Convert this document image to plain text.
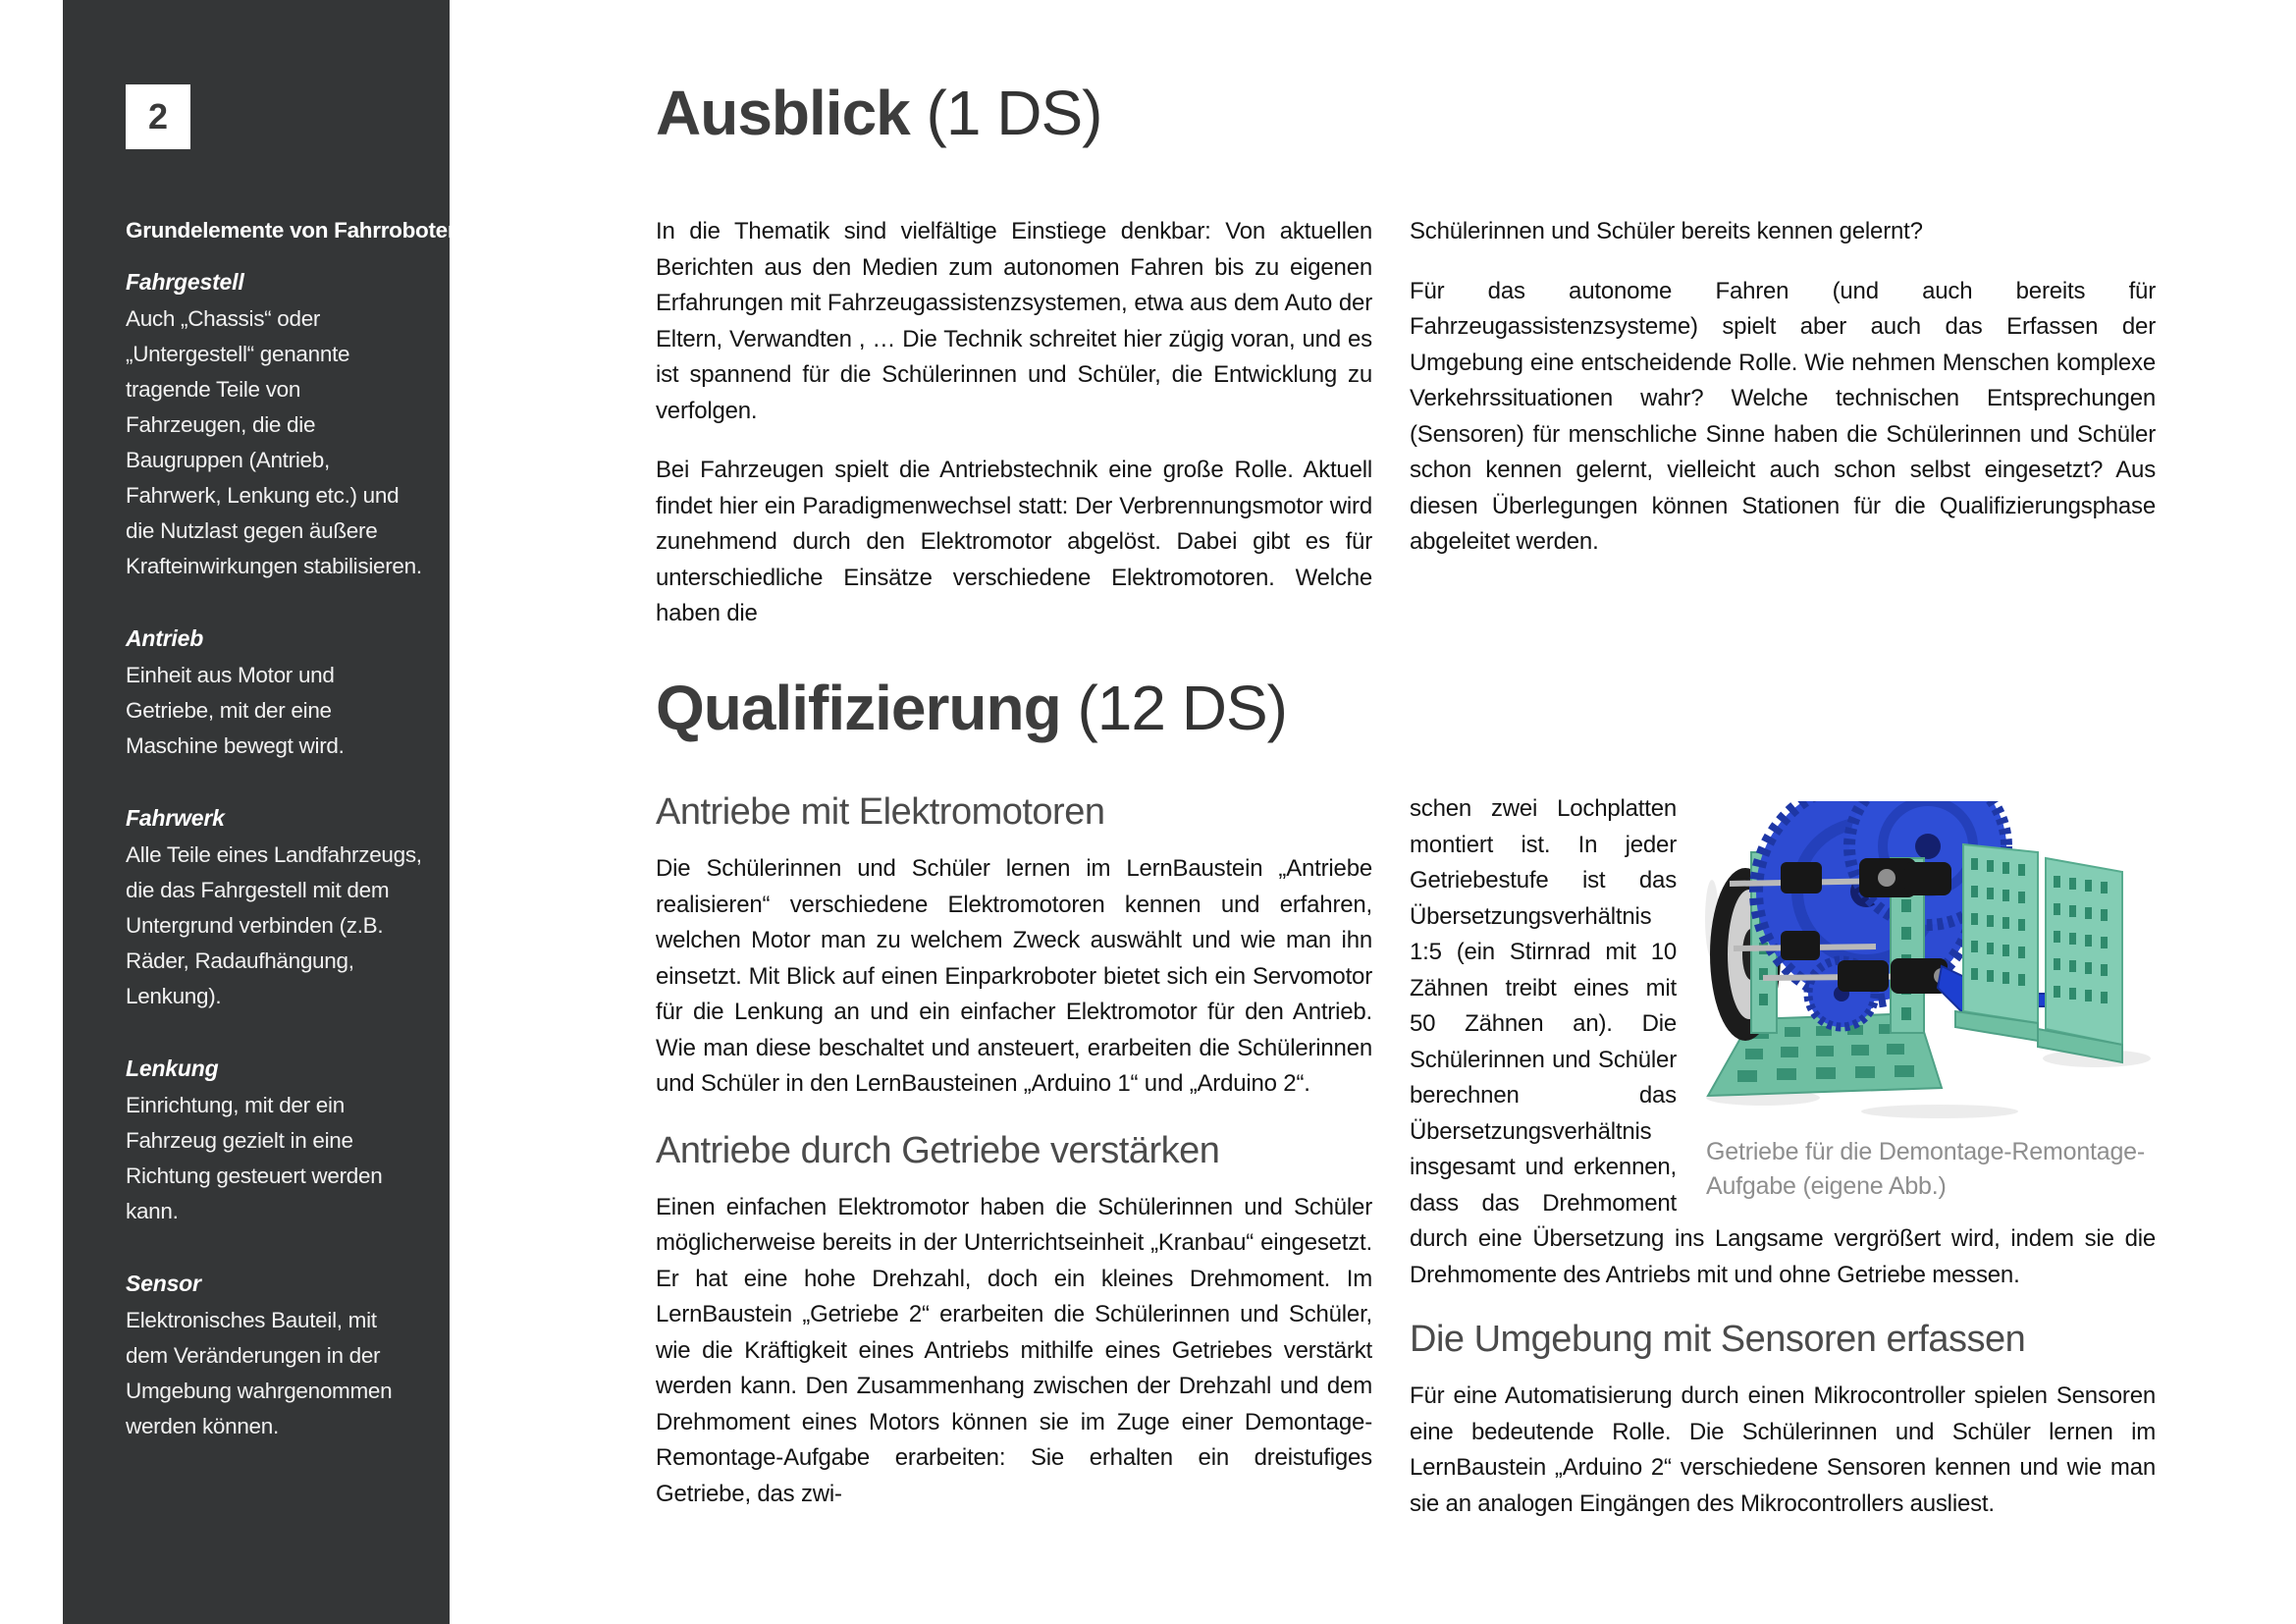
2
Grundelemente von Fahrrobotern

Fahrgestell

Auch „Chassis“ oder „Untergestell“ genannte tragende Teile von Fahrzeugen, die die Baugruppen (Antrieb, Fahrwerk, Lenkung etc.) und die Nutzlast gegen äußere Krafteinwirkungen stabilisieren.

Antrieb

Einheit aus Motor und Getriebe, mit der eine Maschine bewegt wird.

Fahrwerk

Alle Teile eines Landfahrzeugs, die das Fahrgestell mit dem Untergrund verbinden (z.B. Räder, Radaufhängung, Lenkung).

Lenkung

Einrichtung, mit der ein Fahrzeug gezielt in eine Richtung gesteuert werden kann.

Sensor

Elektronisches Bauteil, mit dem Veränderungen in der Umgebung wahrgenommen werden können.

Ausblick (1 DS)

In die Thematik sind vielfältige Einstiege denkbar: Von aktuellen Berichten aus den Medien zum autonomen Fahren bis zu eigenen Erfahrungen mit Fahrzeugassistenzsystemen, etwa aus dem Auto der Eltern, Verwandten , … Die Technik schreitet hier zügig voran, und es ist spannend für die Schülerinnen und Schüler, die Entwicklung zu verfolgen.

Bei Fahrzeugen spielt die Antriebstechnik eine große Rolle. Aktuell findet hier ein Paradigmenwechsel statt: Der Verbrennungsmotor wird zunehmend durch den Elektromotor abgelöst. Dabei gibt es für unterschiedliche Einsätze verschiedene Elektromotoren. Welche haben die

Schülerinnen und Schüler bereits kennen gelernt?

Für das autonome Fahren (und auch bereits für Fahrzeugassistenzsysteme) spielt aber auch das Erfassen der Umgebung eine entscheidende Rolle. Wie nehmen Menschen komplexe Verkehrssituationen wahr? Welche technischen Entsprechungen (Sensoren) für menschliche Sinne haben die Schülerinnen und Schüler schon kennen gelernt, vielleicht auch schon selbst eingesetzt? Aus diesen Überlegungen können Stationen für die Qualifizierungsphase abgeleitet werden.

Qualifizierung (12 DS)
Antriebe mit Elektromotoren

Die Schülerinnen und Schüler lernen im LernBaustein „Antriebe realisieren“ verschiedene Elektromotoren kennen und erfahren, welchen Motor man zu welchem Zweck auswählt und wie man ihn einsetzt. Mit Blick auf einen Einparkroboter bietet sich ein Servomotor für die Lenkung an und ein einfacher Elektromotor für den Antrieb. Wie man diese beschaltet und ansteuert, erarbeiten die Schülerinnen und Schüler in den LernBausteinen „Arduino 1“ und „Arduino 2“.

Antriebe durch Getriebe verstärken

Einen einfachen Elektromotor haben die Schülerinnen und Schüler möglicherweise bereits in der Unterrichtseinheit „Kranbau“ eingesetzt. Er hat eine hohe Drehzahl, doch ein kleines Drehmoment. Im LernBaustein „Getriebe 2“ erarbeiten die Schülerinnen und Schüler, wie die Kräftigkeit eines Antriebs mithilfe eines Getriebes verstärkt werden kann. Den Zusammenhang zwischen der Drehzahl und dem Drehmoment eines Motors können sie im Zuge einer Demontage-Remontage-Aufgabe erarbeiten: Sie erhalten ein dreistufiges Getriebe, das zwi-

Getriebe für die Demontage-Remontage-Aufgabe (eigene Abb.)

schen zwei Lochplatten montiert ist. In jeder Getriebestufe ist das Übersetzungsverhältnis 1:5 (ein Stirnrad mit 10 Zähnen treibt eines mit 50 Zähnen an). Die Schülerinnen und Schüler berechnen das Übersetzungsverhältnis insgesamt und erkennen, dass das Drehmoment durch eine Übersetzung ins Langsame vergrößert wird, indem sie die Drehmomente des Antriebs mit und ohne Getriebe messen.

Die Umgebung mit Sensoren erfassen

Für eine Automatisierung durch einen Mikrocontroller spielen Sensoren eine bedeutende Rolle. Die Schülerinnen und Schüler lernen im LernBaustein „Arduino 2“ verschiedene Sensoren kennen und wie man sie an analogen Eingängen des Mikrocontrollers ausliest.
